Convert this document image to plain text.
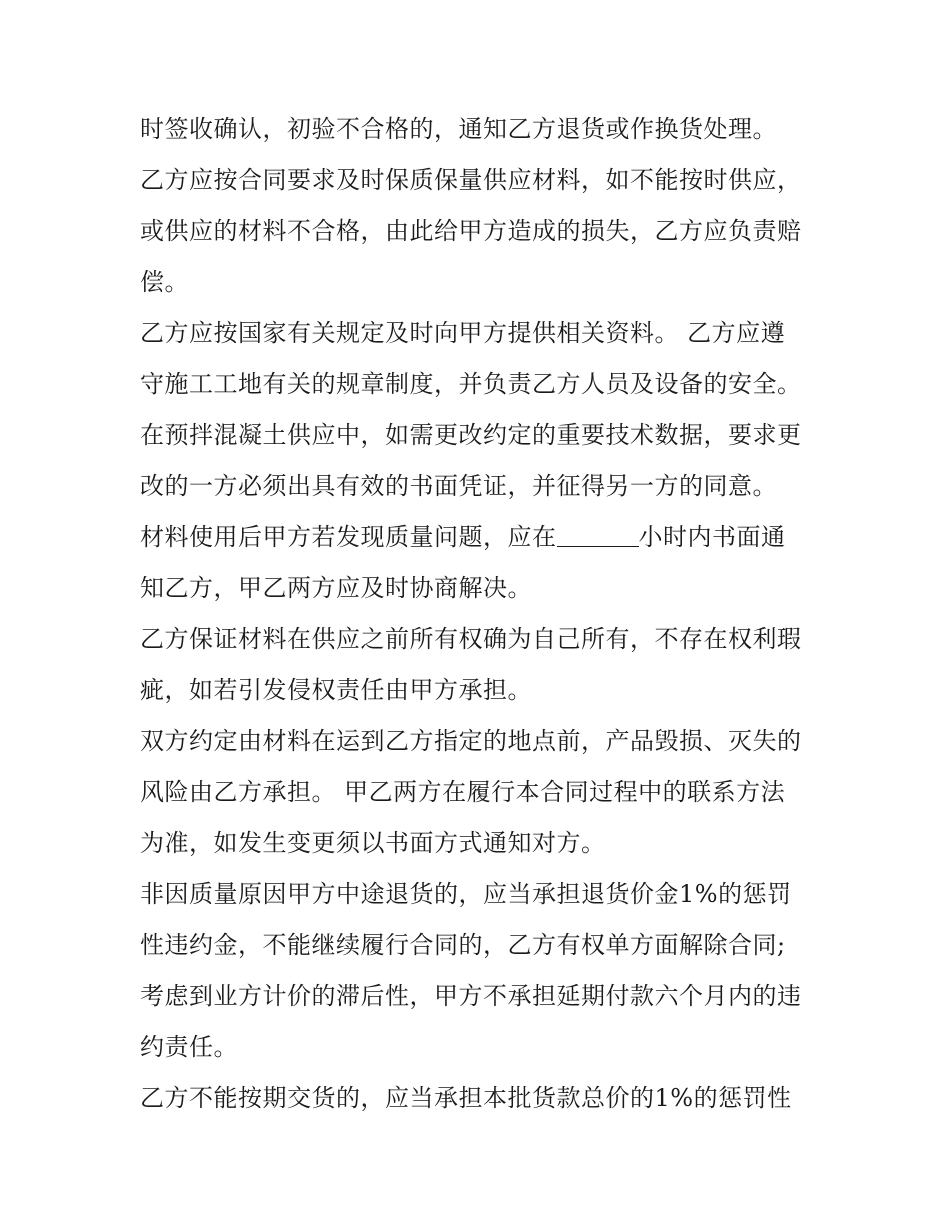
时签收确认，初验不合格的，通知乙方退货或作换货处理。
乙方应按合同要求及时保质保量供应材料，如不能按时供应，
或供应的材料不合格，由此给甲方造成的损失，乙方应负责赔
偿。
乙方应按国家有关规定及时向甲方提供相关资料。 乙方应遵
守施工工地有关的规章制度，并负责乙方人员及设备的安全。
在预拌混凝土供应中，如需更改约定的重要技术数据，要求更
改的一方必须出具有效的书面凭证，并征得另一方的同意。
材料使用后甲方若发现质量问题，应在	小时内书面通
知乙方，甲乙两方应及时协商解决。
乙方保证材料在供应之前所有权确为自己所有，不存在权利瑕
疵，如若引发侵权责任由甲方承担。
双方约定由材料在运到乙方指定的地点前，产品毁损、灭失的
风险由乙方承担。 甲乙两方在履行本合同过程中的联系方法
为准，如发生变更须以书面方式通知对方。
非因质量原因甲方中途退货的，应当承担退货价金1%的惩罚
性违约金，不能继续履行合同的，乙方有权单方面解除合同;
考虑到业方计价的滞后性，甲方不承担延期付款六个月内的违
约责任。
乙方不能按期交货的，应当承担本批货款总价的1%的惩罚性
